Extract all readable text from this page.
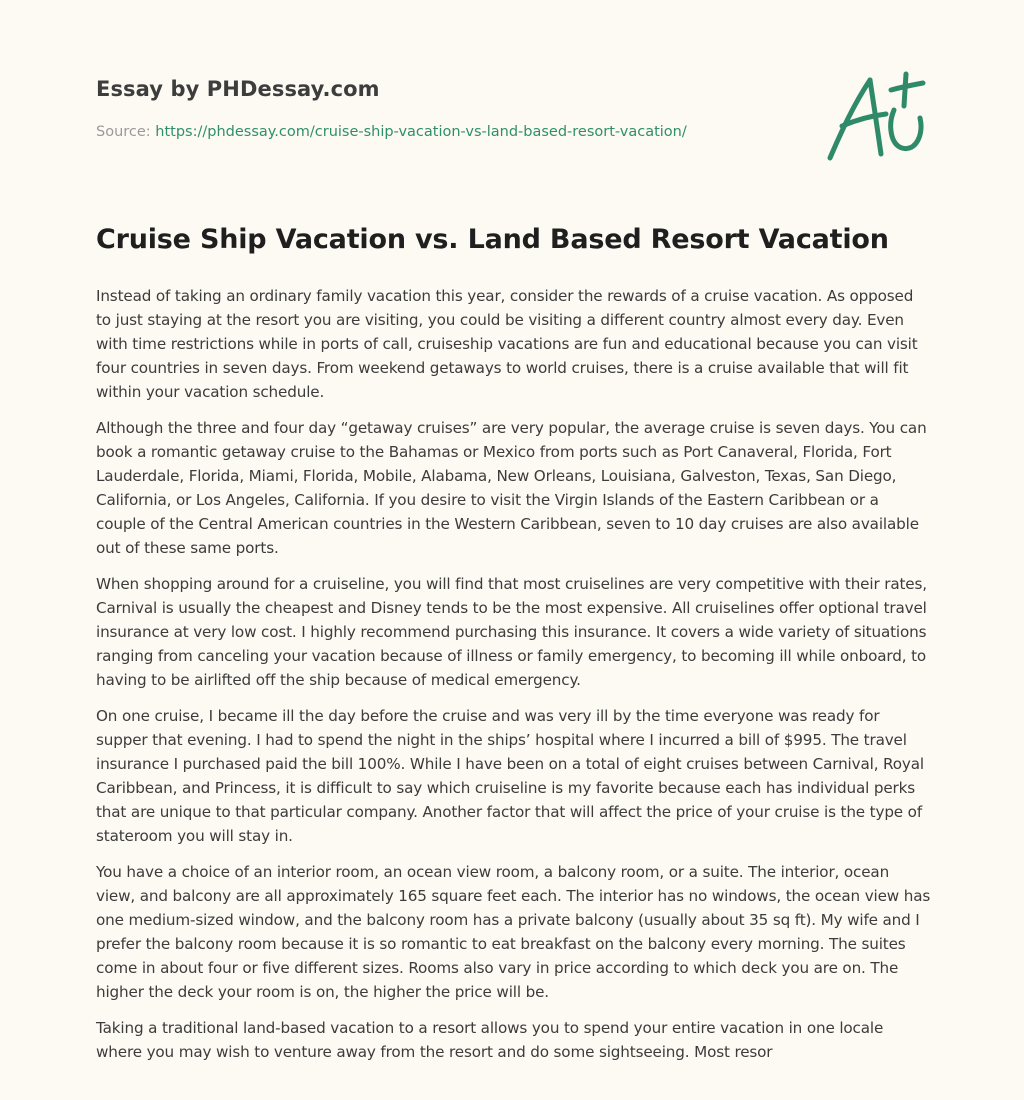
Essay by PHDessay.com
Source: https://phdessay.com/cruise-ship-vacation-vs-land-based-resort-vacation/
Cruise Ship Vacation vs. Land Based Resort Vacation

Instead of taking an ordinary family vacation this year, consider the rewards of a cruise vacation. As opposed to just staying at the resort you are visiting, you could be visiting a different country almost every day. Even with time restrictions while in ports of call, cruiseship vacations are fun and educational because you can visit four countries in seven days. From weekend getaways to world cruises, there is a cruise available that will fit within your vacation schedule.

Although the three and four day “getaway cruises” are very popular, the average cruise is seven days. You can book a romantic getaway cruise to the Bahamas or Mexico from ports such as Port Canaveral, Florida, Fort Lauderdale, Florida, Miami, Florida, Mobile, Alabama, New Orleans, Louisiana, Galveston, Texas, San Diego, California, or Los Angeles, California. If you desire to visit the Virgin Islands of the Eastern Caribbean or a couple of the Central American countries in the Western Caribbean, seven to 10 day cruises are also available out of these same ports.

When shopping around for a cruiseline, you will find that most cruiselines are very competitive with their rates, Carnival is usually the cheapest and Disney tends to be the most expensive. All cruiselines offer optional travel insurance at very low cost. I highly recommend purchasing this insurance. It covers a wide variety of situations ranging from canceling your vacation because of illness or family emergency, to becoming ill while onboard, to having to be airlifted off the ship because of medical emergency.

On one cruise, I became ill the day before the cruise and was very ill by the time everyone was ready for supper that evening. I had to spend the night in the ships’ hospital where I incurred a bill of $995. The travel insurance I purchased paid the bill 100%. While I have been on a total of eight cruises between Carnival, Royal Caribbean, and Princess, it is difficult to say which cruiseline is my favorite because each has individual perks that are unique to that particular company. Another factor that will affect the price of your cruise is the type of stateroom you will stay in.

You have a choice of an interior room, an ocean view room, a balcony room, or a suite. The interior, ocean view, and balcony are all approximately 165 square feet each. The interior has no windows, the ocean view has one medium-sized window, and the balcony room has a private balcony (usually about 35 sq ft). My wife and I prefer the balcony room because it is so romantic to eat breakfast on the balcony every morning. The suites come in about four or five different sizes. Rooms also vary in price according to which deck you are on. The higher the deck your room is on, the higher the price will be.

Taking a traditional land-based vacation to a resort allows you to spend your entire vacation in one locale where you may wish to venture away from the resort and do some sightseeing. Most resor
